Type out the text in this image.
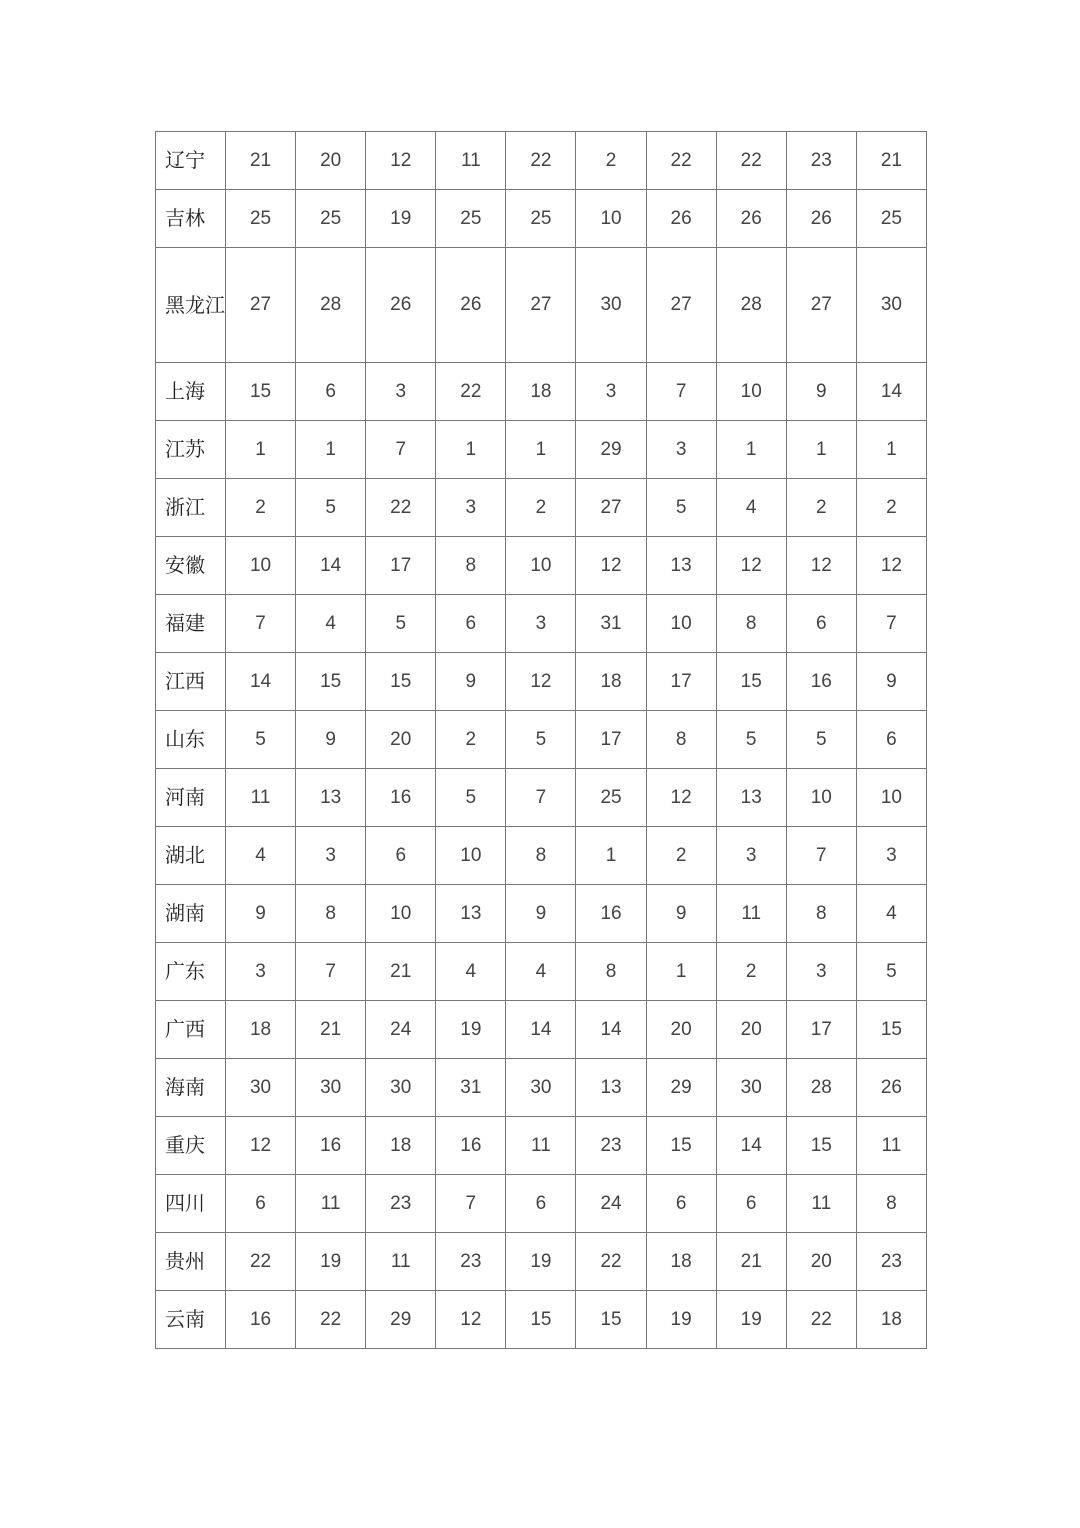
辽宁	21	20	12	11	22	2	22	22	23	21
吉林	25	25	19	25	25	10	26	26	26	25
黑龙江	27	28	26	26	27	30	27	28	27	30
上海	15	6	3	22	18	3	7	10	9	14
江苏	1	1	7	1	1	29	3	1	1	1
浙江	2	5	22	3	2	27	5	4	2	2
安徽	10	14	17	8	10	12	13	12	12	12
福建	7	4	5	6	3	31	10	8	6	7
江西	14	15	15	9	12	18	17	15	16	9
山东	5	9	20	2	5	17	8	5	5	6
河南	11	13	16	5	7	25	12	13	10	10
湖北	4	3	6	10	8	1	2	3	7	3
湖南	9	8	10	13	9	16	9	11	8	4
广东	3	7	21	4	4	8	1	2	3	5
广西	18	21	24	19	14	14	20	20	17	15
海南	30	30	30	31	30	13	29	30	28	26
重庆	12	16	18	16	11	23	15	14	15	11
四川	6	11	23	7	6	24	6	6	11	8
贵州	22	19	11	23	19	22	18	21	20	23
云南	16	22	29	12	15	15	19	19	22	18
